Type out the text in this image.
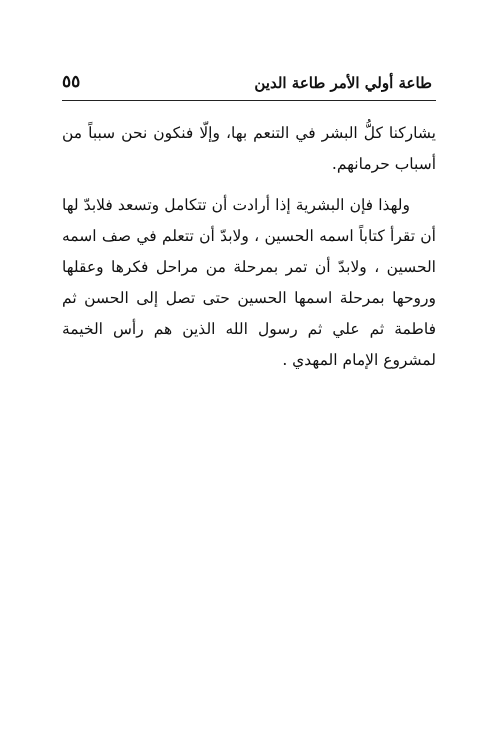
طاعة أولي الأمر طاعة الدين
٥٥

يشاركنا كلُّ البشر في التنعم بها، وإلّا فنكون نحن سبباً من أسباب حرمانهم.

ولهذا فإن البشرية إذا أرادت أن تتكامل وتسعد فلابدّ لها أن تقرأ كتاباً اسمه الحسين ، ولابدّ أن تتعلم في صف اسمه الحسين ، ولابدّ أن تمر بمرحلة من مراحل فكرها وعقلها وروحها بمرحلة اسمها الحسين حتى تصل إلى الحسن ثم فاطمة ثم علي ثم رسول الله الذين هم رأس الخيمة لمشروع الإمام المهدي .
